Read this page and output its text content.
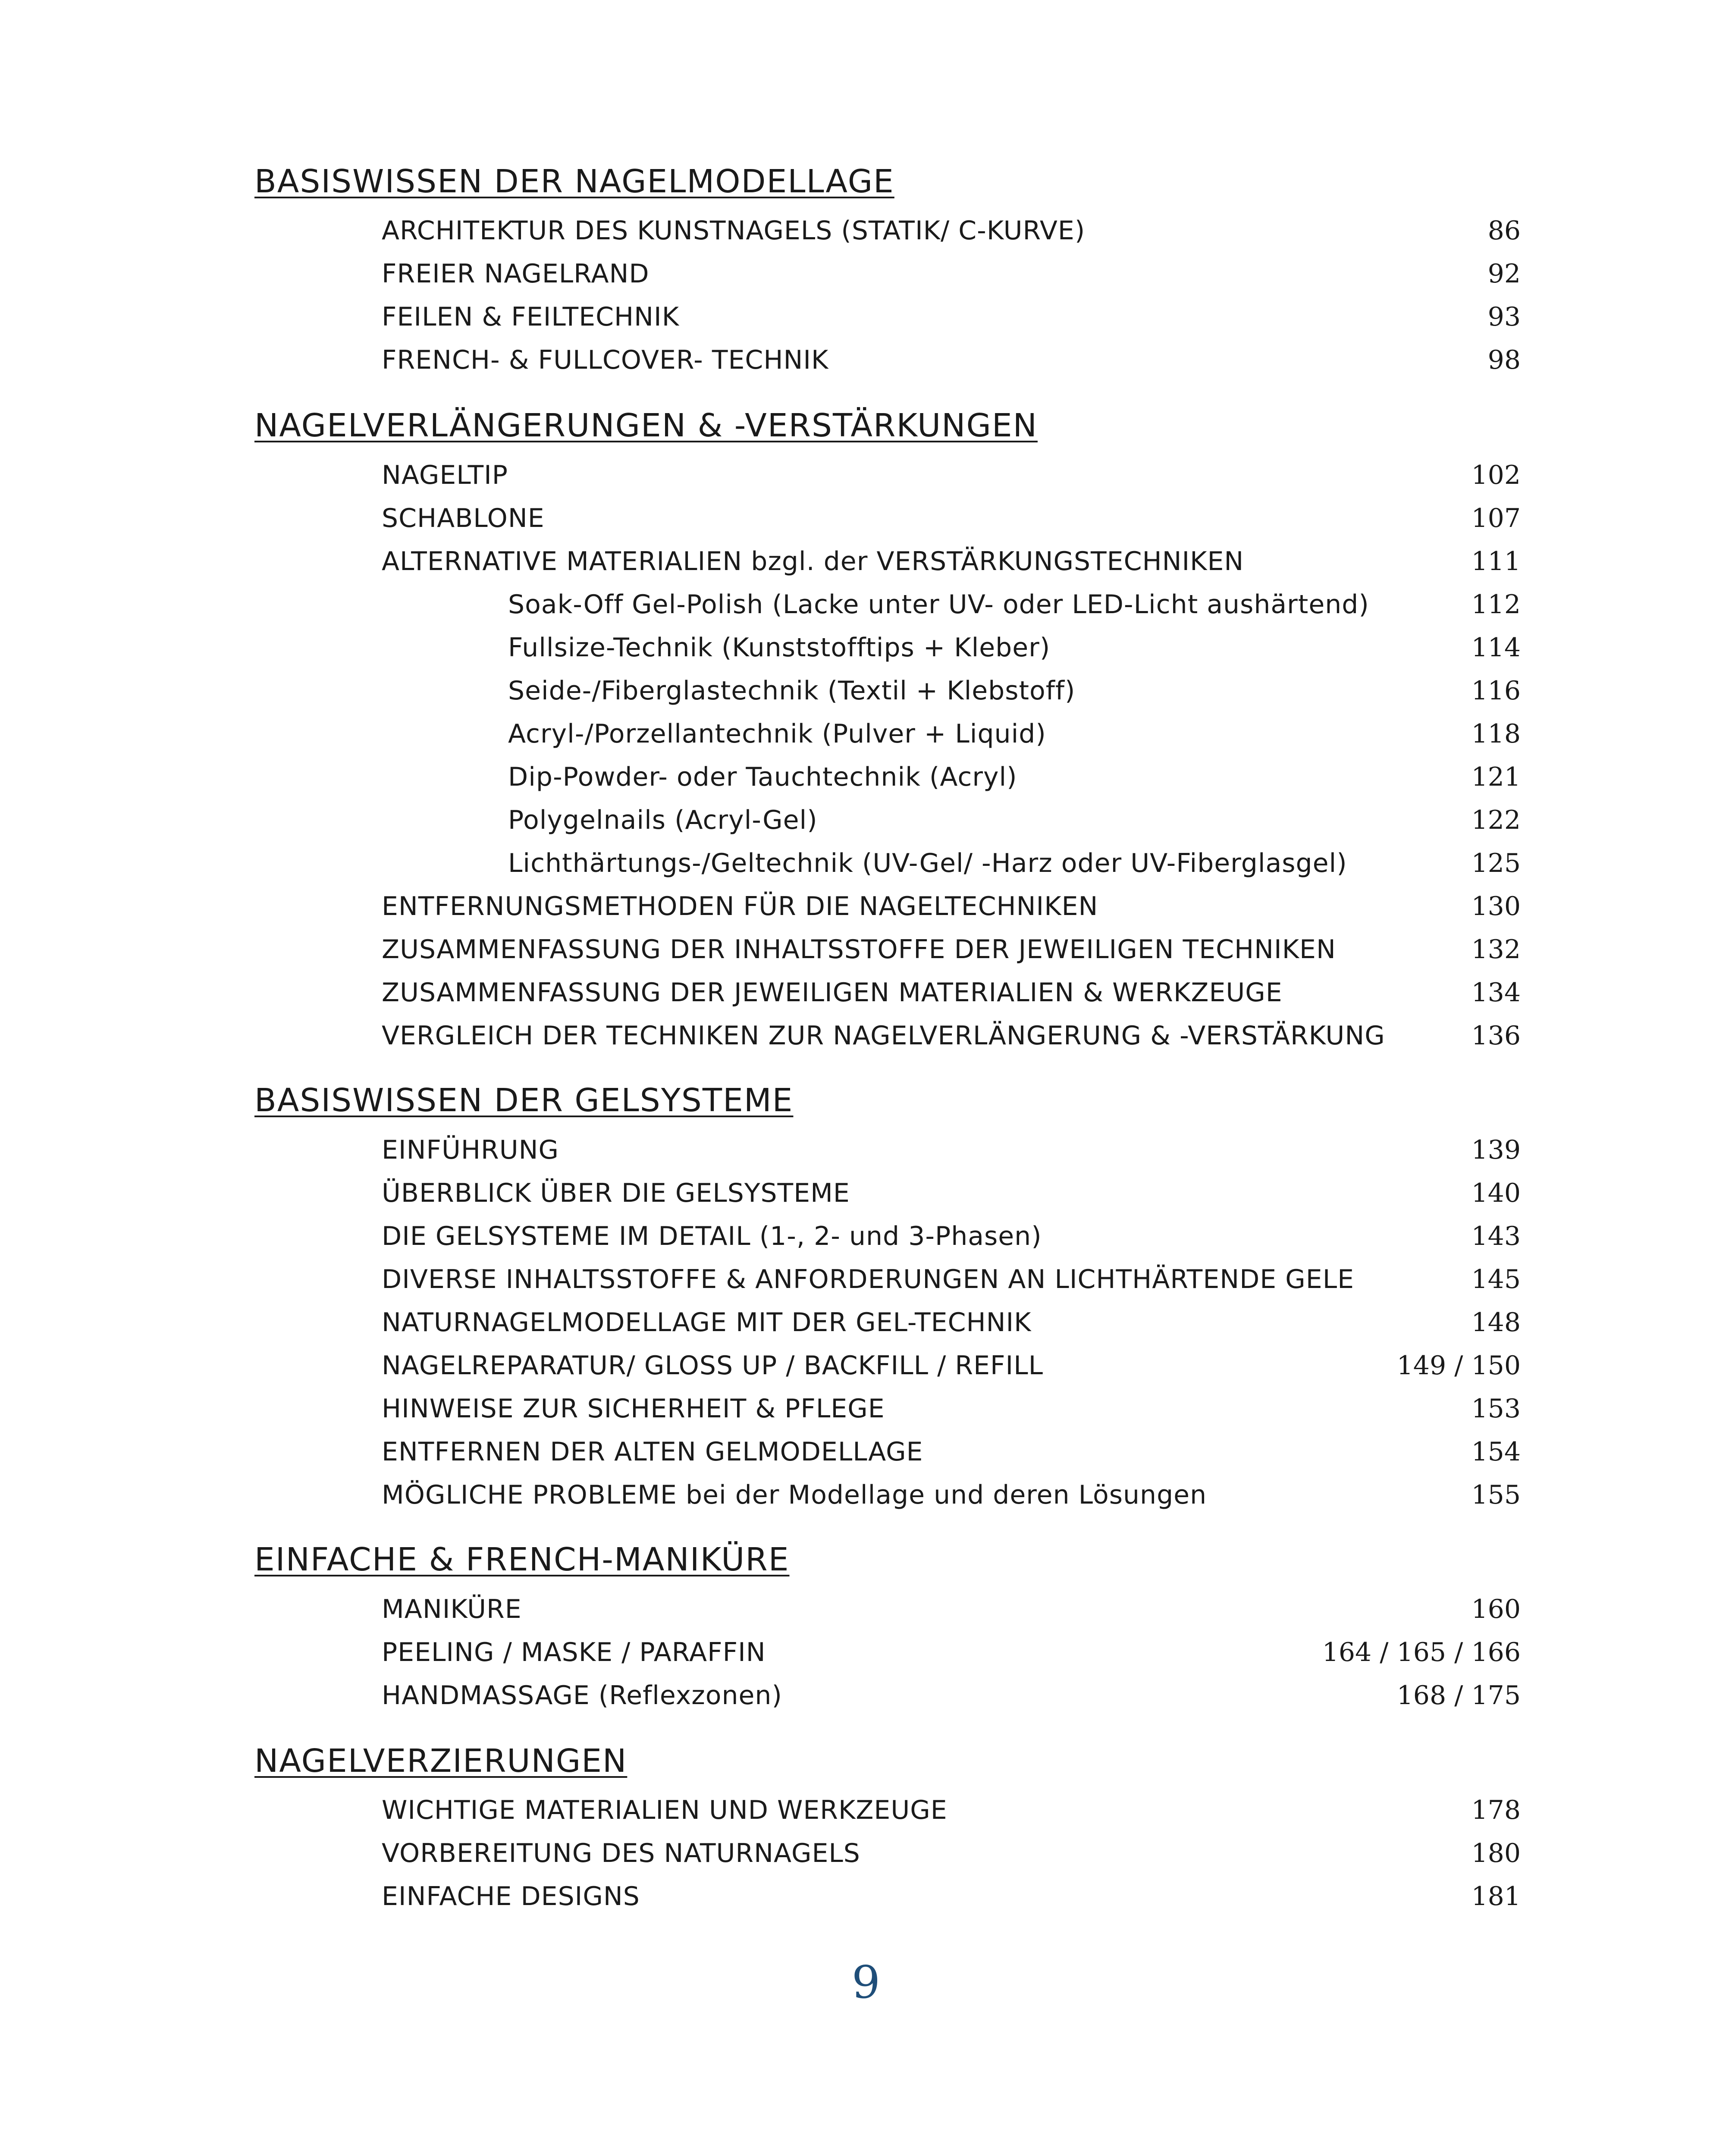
BASISWISSEN DER NAGELMODELLAGE
ARCHITEKTUR DES KUNSTNAGELS (STATIK/ C-KURVE)	86
FREIER NAGELRAND	92
FEILEN & FEILTECHNIK	93
FRENCH- & FULLCOVER- TECHNIK	98
NAGELVERLÄNGERUNGEN & -VERSTÄRKUNGEN
NAGELTIP	102
SCHABLONE	107
ALTERNATIVE MATERIALIEN bzgl. der VERSTÄRKUNGSTECHNIKEN	111
Soak-Off Gel-Polish (Lacke unter UV- oder LED-Licht aushärtend)	112
Fullsize-Technik (Kunststofftips + Kleber)	114
Seide-/Fiberglastechnik (Textil + Klebstoff)	116
Acryl-/Porzellantechnik (Pulver + Liquid)	118
Dip-Powder- oder Tauchtechnik (Acryl)	121
Polygelnails (Acryl-Gel)	122
Lichthärtungs-/Geltechnik (UV-Gel/ -Harz oder UV-Fiberglasgel)	125
ENTFERNUNGSMETHODEN FÜR DIE NAGELTECHNIKEN	130
ZUSAMMENFASSUNG DER INHALTSSTOFFE DER JEWEILIGEN TECHNIKEN	132
ZUSAMMENFASSUNG DER JEWEILIGEN MATERIALIEN & WERKZEUGE	134
VERGLEICH DER TECHNIKEN ZUR NAGELVERLÄNGERUNG & -VERSTÄRKUNG	136
BASISWISSEN DER GELSYSTEME
EINFÜHRUNG	139
ÜBERBLICK ÜBER DIE GELSYSTEME	140
DIE GELSYSTEME IM DETAIL (1-, 2- und 3-Phasen)	143
DIVERSE INHALTSSTOFFE & ANFORDERUNGEN AN LICHTHÄRTENDE GELE	145
NATURNAGELMODELLAGE MIT DER GEL-TECHNIK	148
NAGELREPARATUR/ GLOSS UP / BACKFILL / REFILL	149 / 150
HINWEISE ZUR SICHERHEIT & PFLEGE	153
ENTFERNEN DER ALTEN GELMODELLAGE	154
MÖGLICHE PROBLEME bei der Modellage und deren Lösungen	155
EINFACHE & FRENCH-MANIKÜRE
MANIKÜRE	160
PEELING / MASKE / PARAFFIN	164 / 165 / 166
HANDMASSAGE (Reflexzonen)	168 / 175
NAGELVERZIERUNGEN
WICHTIGE MATERIALIEN UND WERKZEUGE	178
VORBEREITUNG DES NATURNAGELS	180
EINFACHE DESIGNS	181
9
